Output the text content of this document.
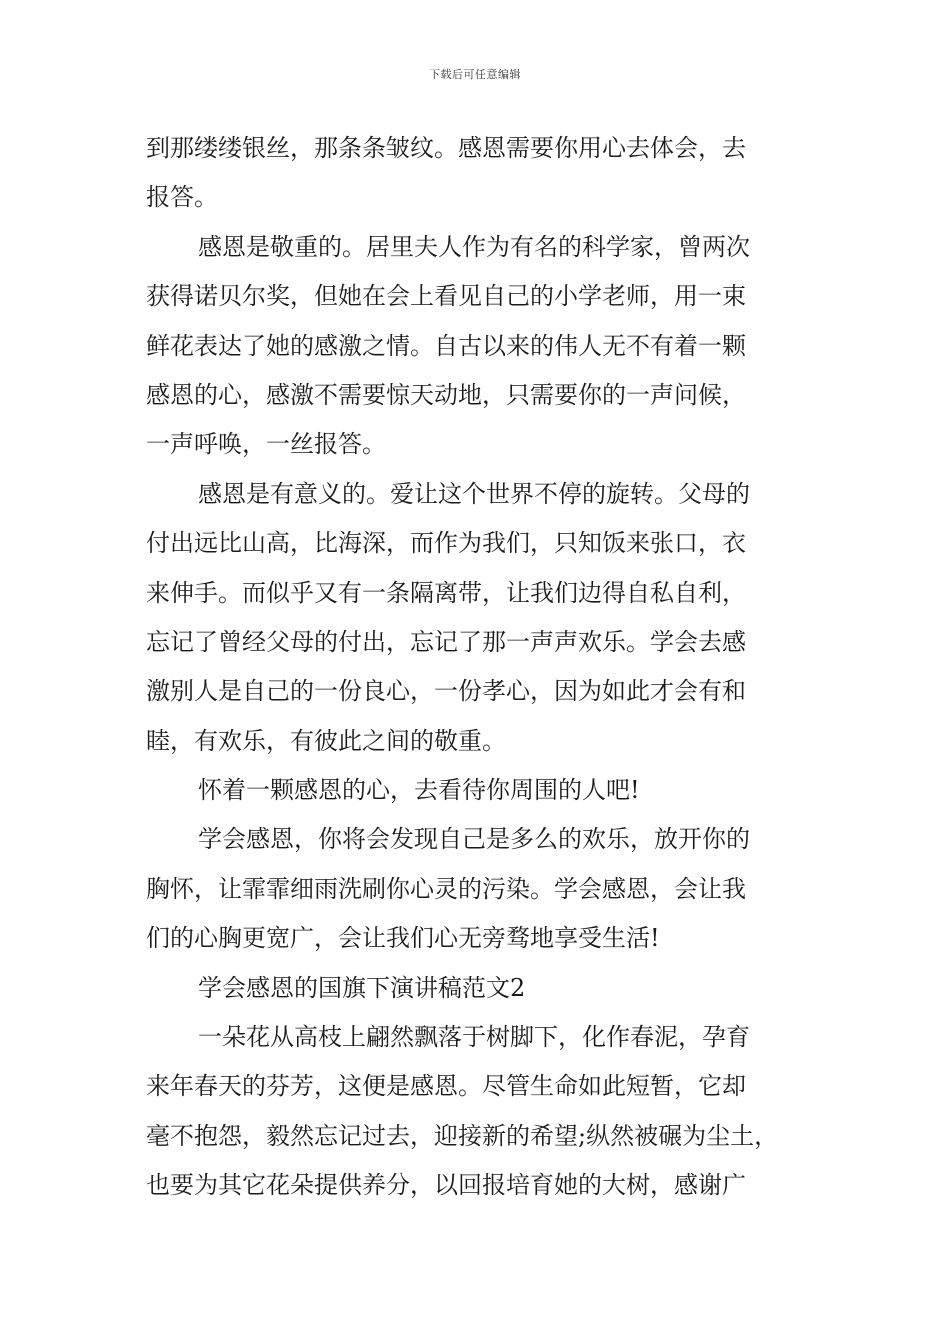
下载后可任意编辑
到那缕缕银丝，那条条皱纹。感恩需要你用心去体会，去
报答。
感恩是敬重的。居里夫人作为有名的科学家，曾两次
获得诺贝尔奖，但她在会上看见自己的小学老师，用一束
鲜花表达了她的感激之情。自古以来的伟人无不有着一颗
感恩的心，感激不需要惊天动地，只需要你的一声问候，
一声呼唤，一丝报答。
感恩是有意义的。爱让这个世界不停的旋转。父母的
付出远比山高，比海深，而作为我们，只知饭来张口，衣
来伸手。而似乎又有一条隔离带，让我们边得自私自利，
忘记了曾经父母的付出，忘记了那一声声欢乐。学会去感
激别人是自己的一份良心，一份孝心，因为如此才会有和
睦，有欢乐，有彼此之间的敬重。
怀着一颗感恩的心，去看待你周围的人吧!
学会感恩，你将会发现自己是多么的欢乐，放开你的
胸怀，让霏霏细雨洗刷你心灵的污染。学会感恩，会让我
们的心胸更宽广，会让我们心无旁骛地享受生活!
学会感恩的国旗下演讲稿范文2
一朵花从高枝上翩然飘落于树脚下，化作春泥，孕育
来年春天的芬芳，这便是感恩。尽管生命如此短暂，它却
毫不抱怨，毅然忘记过去，迎接新的希望;纵然被碾为尘土，
也要为其它花朵提供养分，以回报培育她的大树，感谢广
